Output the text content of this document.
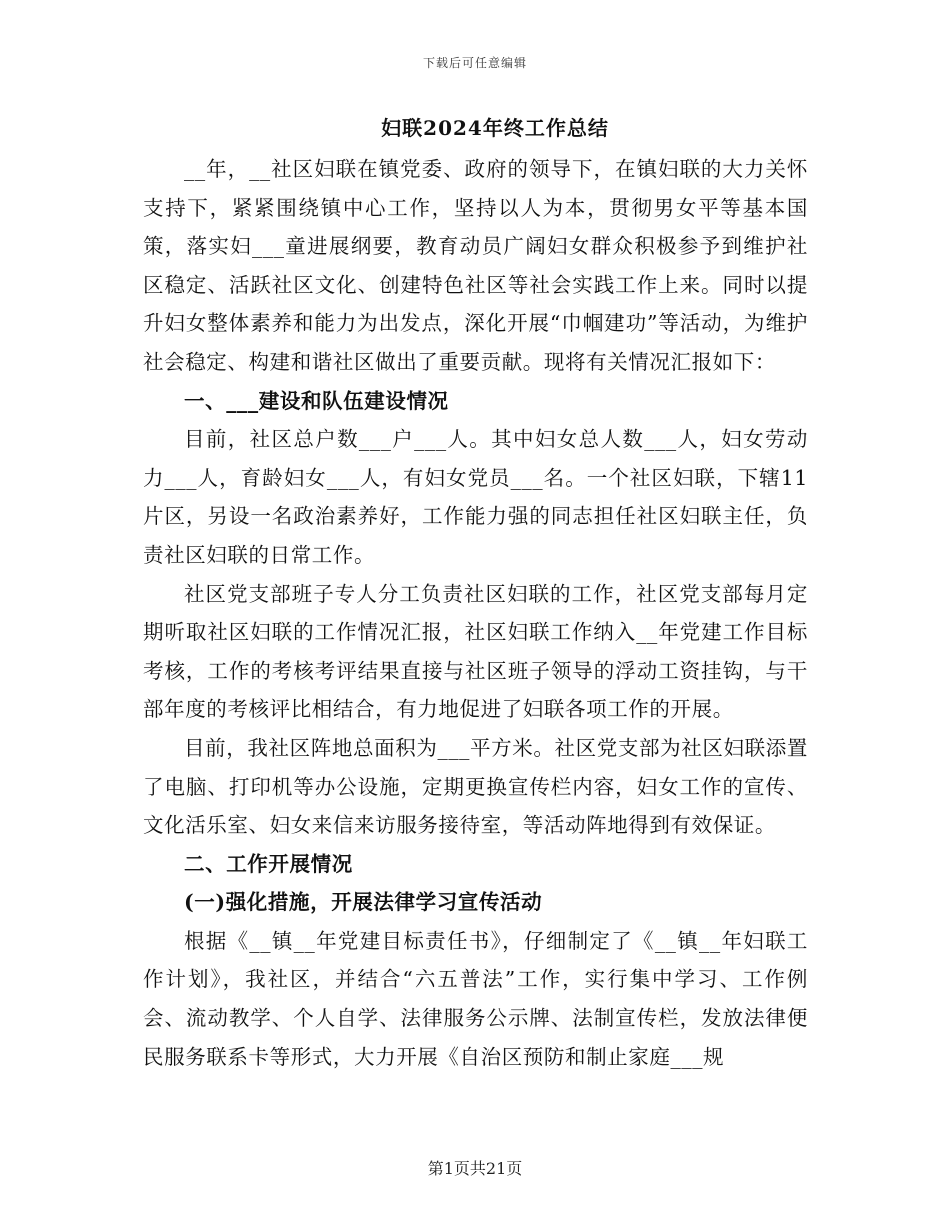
下载后可任意编辑
妇联2024年终工作总结

__年，__社区妇联在镇党委、政府的领导下，在镇妇联的大力关怀支持下，紧紧围绕镇中心工作，坚持以人为本，贯彻男女平等基本国策，落实妇___童进展纲要，教育动员广阔妇女群众积极参予到维护社区稳定、活跃社区文化、创建特色社区等社会实践工作上来。同时以提升妇女整体素养和能力为出发点，深化开展“巾帼建功”等活动，为维护社会稳定、构建和谐社区做出了重要贡献。现将有关情况汇报如下：

一、___建设和队伍建设情况

目前，社区总户数___户___人。其中妇女总人数___人，妇女劳动力___人，育龄妇女___人，有妇女党员___名。一个社区妇联，下辖11片区，另设一名政治素养好，工作能力强的同志担任社区妇联主任，负责社区妇联的日常工作。

社区党支部班子专人分工负责社区妇联的工作，社区党支部每月定期听取社区妇联的工作情况汇报，社区妇联工作纳入__年党建工作目标考核，工作的考核考评结果直接与社区班子领导的浮动工资挂钩，与干部年度的考核评比相结合，有力地促进了妇联各项工作的开展。

目前，我社区阵地总面积为___平方米。社区党支部为社区妇联添置了电脑、打印机等办公设施，定期更换宣传栏内容，妇女工作的宣传、文化活乐室、妇女来信来访服务接待室，等活动阵地得到有效保证。

二、工作开展情况

(一)强化措施，开展法律学习宣传活动

根据《__镇__年党建目标责任书》，仔细制定了《__镇__年妇联工作计划》，我社区，并结合“六五普法”工作，实行集中学习、工作例会、流动教学、个人自学、法律服务公示牌、法制宣传栏，发放法律便民服务联系卡等形式，大力开展《自治区预防和制止家庭___规

第1页共21页
